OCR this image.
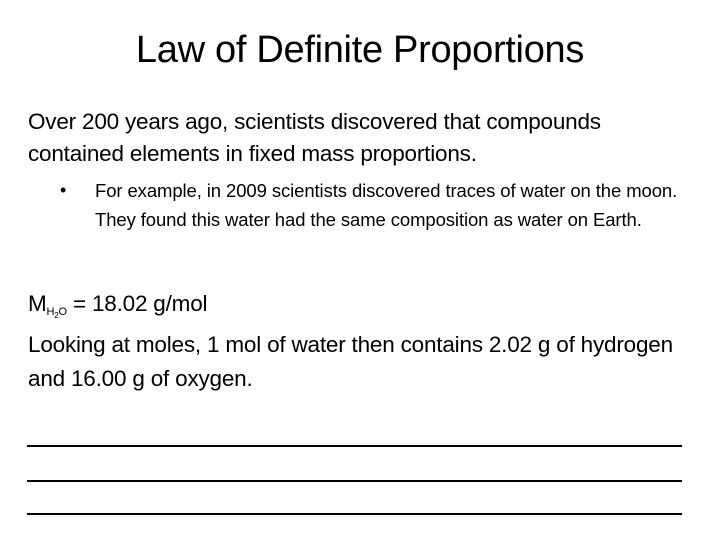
Law of Definite Proportions
Over 200 years ago, scientists discovered that compounds contained elements in fixed mass proportions.
• For example, in 2009 scientists discovered traces of water on the moon. They found this water had the same composition as water on Earth.
$MH_2O = 18.02$ g/mol
Looking at moles, 1 mol of water then contains 2.02 g of hydrogen and 16.00 g of oxygen.
